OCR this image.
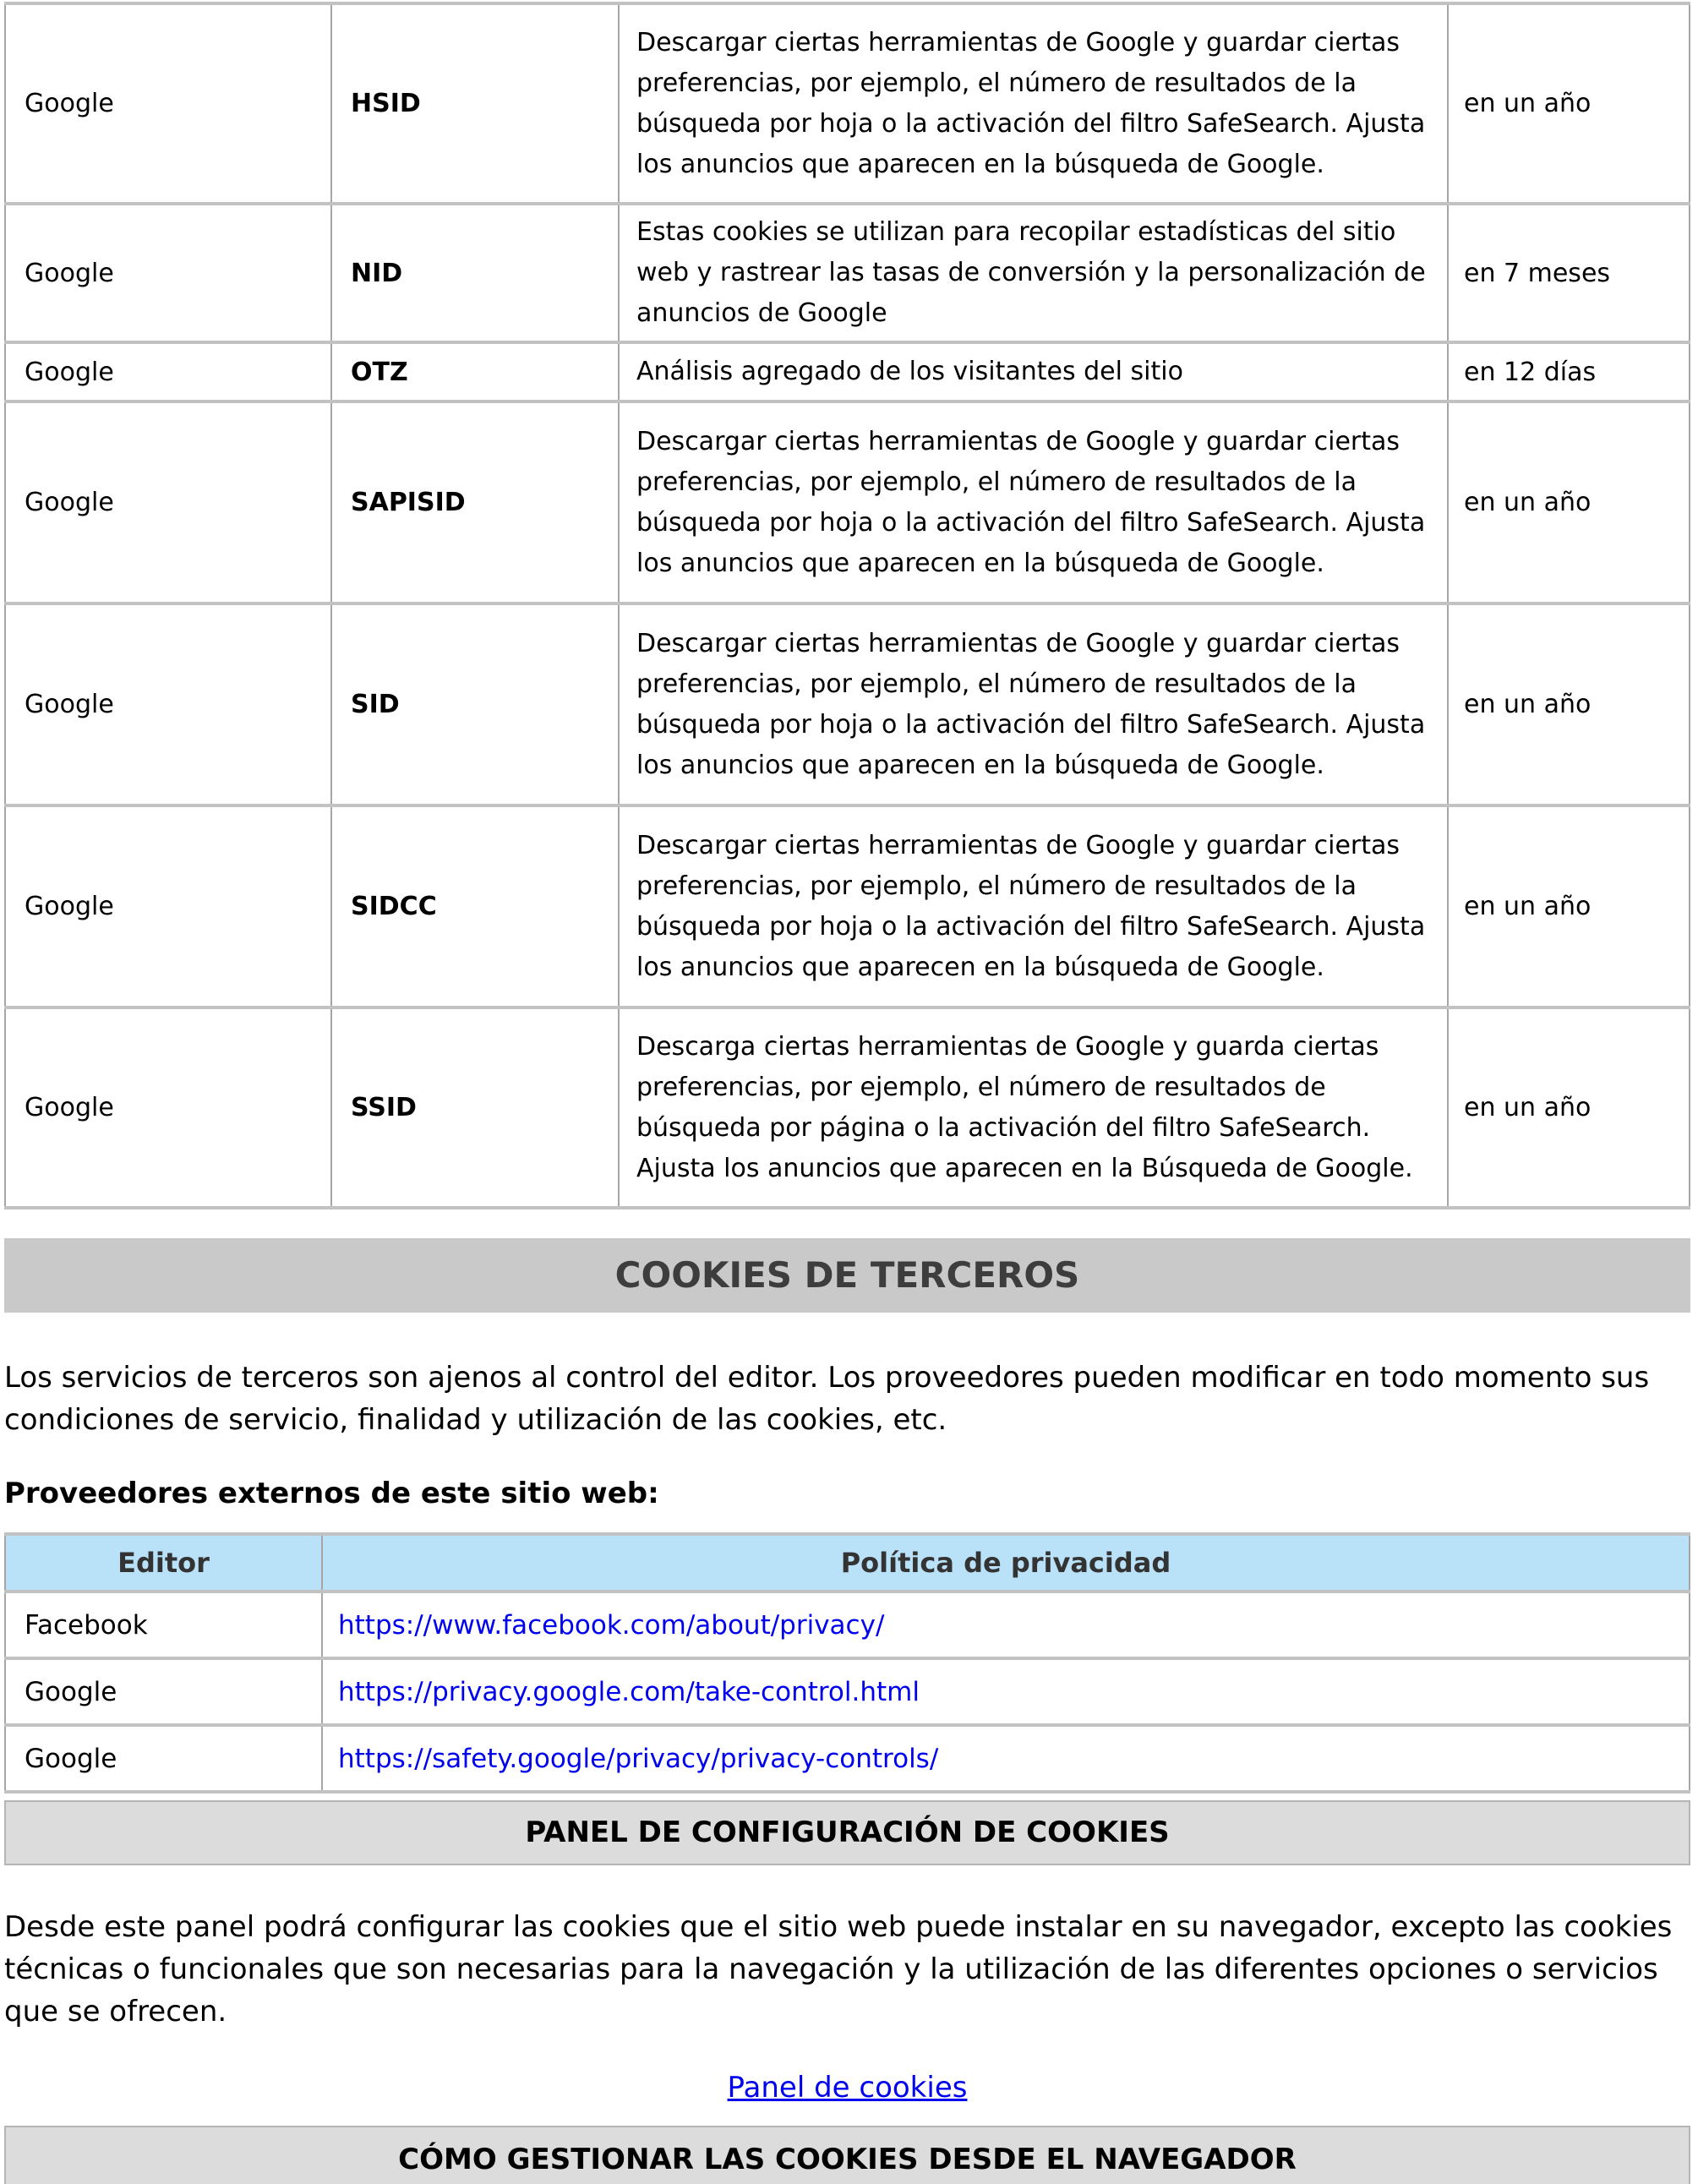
Google	HSID	Descargar ciertas herramientas de Google y guardar ciertas preferencias, por ejemplo, el número de resultados de la búsqueda por hoja o la activación del filtro SafeSearch. Ajusta los anuncios que aparecen en la búsqueda de Google.	en un año
Google	NID	Estas cookies se utilizan para recopilar estadísticas del sitio web y rastrear las tasas de conversión y la personalización de anuncios de Google	en 7 meses
Google	OTZ	Análisis agregado de los visitantes del sitio	en 12 días
Google	SAPISID	Descargar ciertas herramientas de Google y guardar ciertas preferencias, por ejemplo, el número de resultados de la búsqueda por hoja o la activación del filtro SafeSearch. Ajusta los anuncios que aparecen en la búsqueda de Google.	en un año
Google	SID	Descargar ciertas herramientas de Google y guardar ciertas preferencias, por ejemplo, el número de resultados de la búsqueda por hoja o la activación del filtro SafeSearch. Ajusta los anuncios que aparecen en la búsqueda de Google.	en un año
Google	SIDCC	Descargar ciertas herramientas de Google y guardar ciertas preferencias, por ejemplo, el número de resultados de la búsqueda por hoja o la activación del filtro SafeSearch. Ajusta los anuncios que aparecen en la búsqueda de Google.	en un año
Google	SSID	Descarga ciertas herramientas de Google y guarda ciertas preferencias, por ejemplo, el número de resultados de búsqueda por página o la activación del filtro SafeSearch. Ajusta los anuncios que aparecen en la Búsqueda de Google.	en un año
COOKIES DE TERCEROS

Los servicios de terceros son ajenos al control del editor. Los proveedores pueden modificar en todo momento sus condiciones de servicio, finalidad y utilización de las cookies, etc.

Proveedores externos de este sitio web:
Editor	Política de privacidad
Facebook	https://www.facebook.com/about/privacy/
Google	https://privacy.google.com/take-control.html
Google	https://safety.google/privacy/privacy-controls/
PANEL DE CONFIGURACIÓN DE COOKIES

Desde este panel podrá configurar las cookies que el sitio web puede instalar en su navegador, excepto las cookies técnicas o funcionales que son necesarias para la navegación y la utilización de las diferentes opciones o servicios que se ofrecen.

Panel de cookies

CÓMO GESTIONAR LAS COOKIES DESDE EL NAVEGADOR
